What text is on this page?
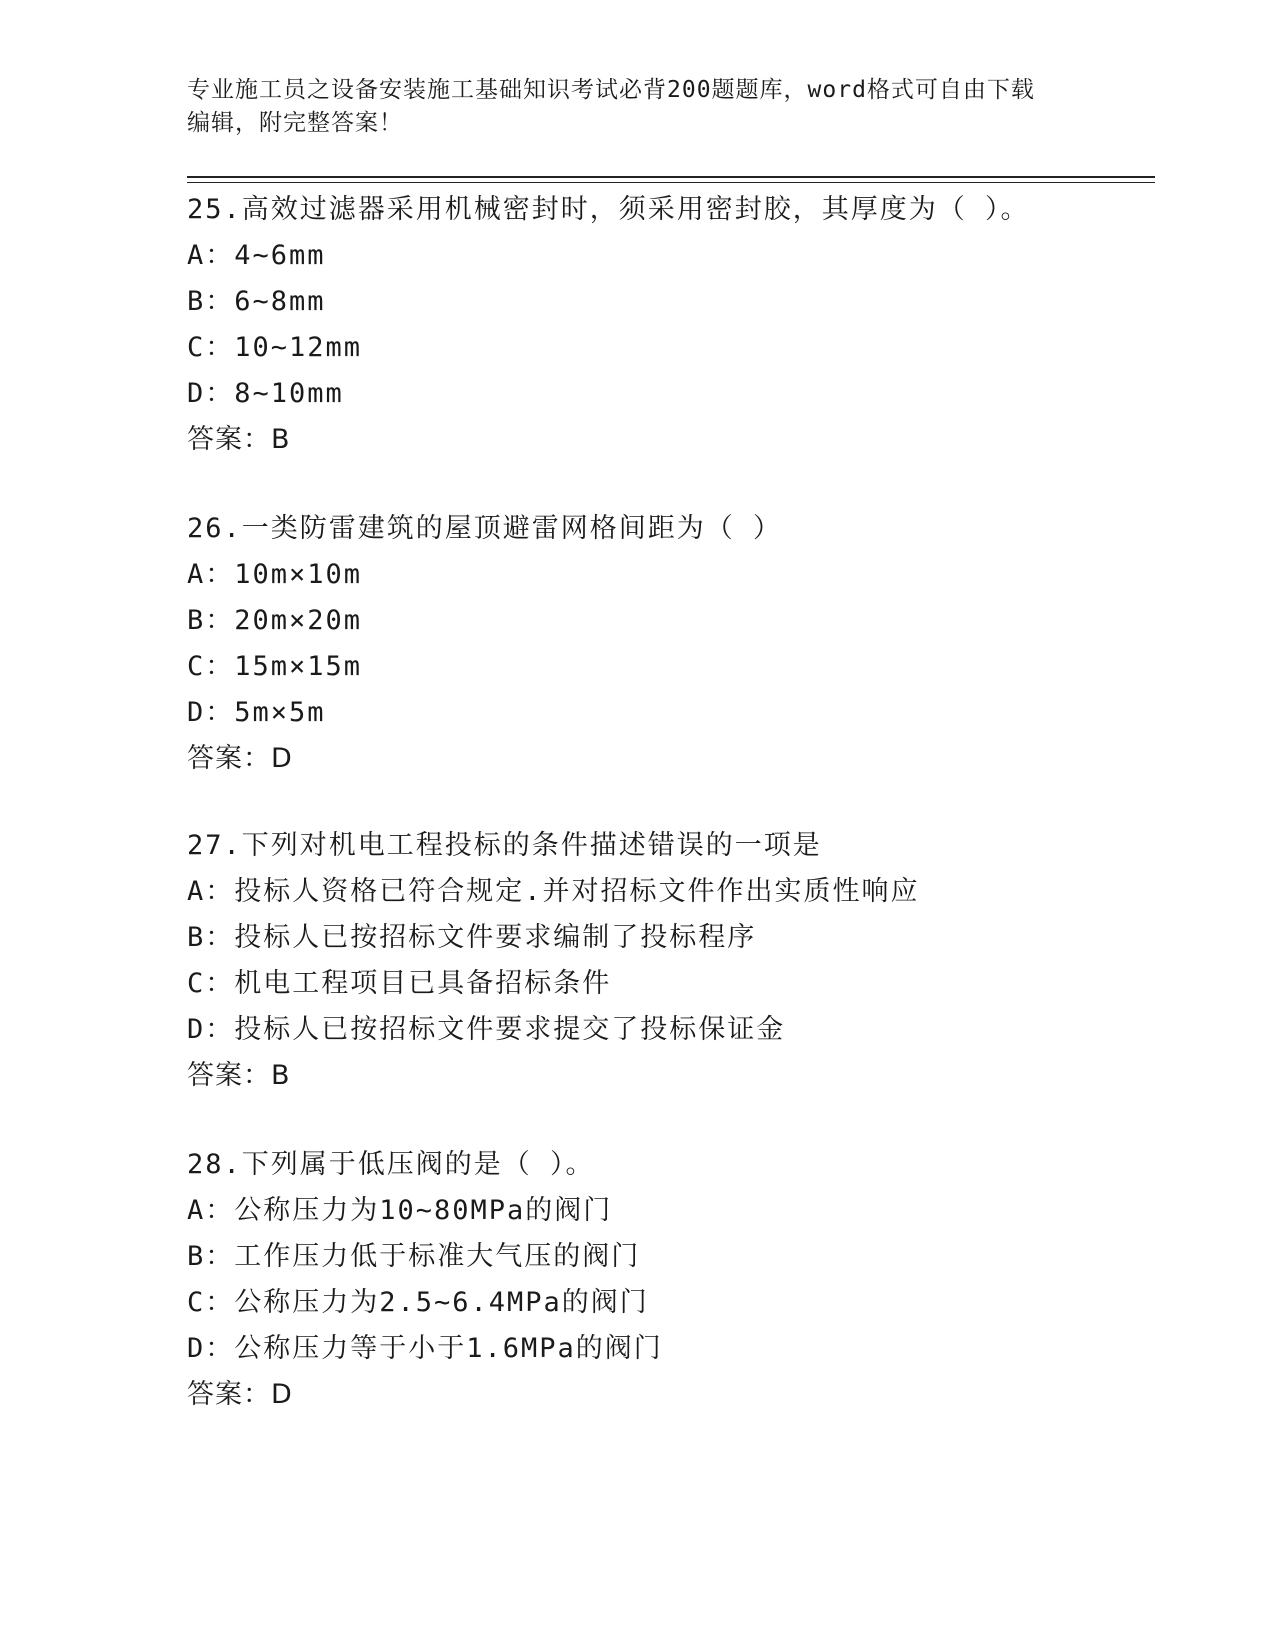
专业施工员之设备安装施工基础知识考试必背200题题库，word格式可自由下载
编辑，附完整答案！
25.高效过滤器采用机械密封时，须采用密封胶，其厚度为（ ）。
A：4~6mm
B：6~8mm
C：10~12mm
D：8~10mm
答案：B
26.一类防雷建筑的屋顶避雷网格间距为（ ）
A：10m×10m
B：20m×20m
C：15m×15m
D：5m×5m
答案：D
27.下列对机电工程投标的条件描述错误的一项是
A：投标人资格已符合规定.并对招标文件作出实质性响应
B：投标人已按招标文件要求编制了投标程序
C：机电工程项目已具备招标条件
D：投标人已按招标文件要求提交了投标保证金
答案：B
28.下列属于低压阀的是（ ）。
A：公称压力为10~80MPa的阀门
B：工作压力低于标准大气压的阀门
C：公称压力为2.5~6.4MPa的阀门
D：公称压力等于小于1.6MPa的阀门
答案：D
